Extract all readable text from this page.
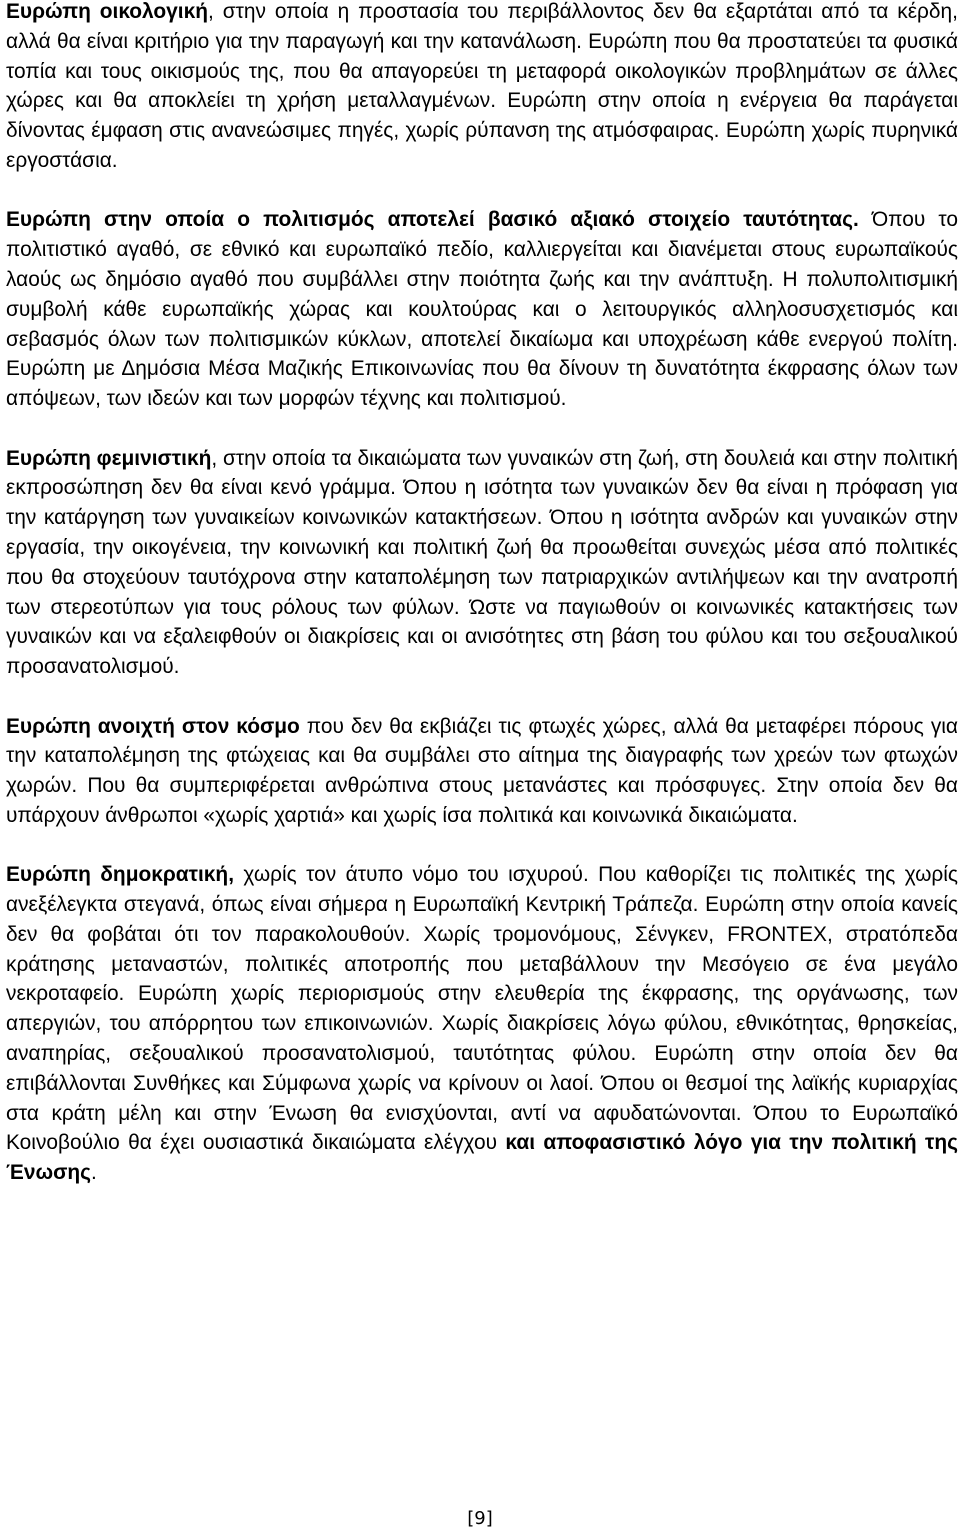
Ευρώπη οικολογική, στην οποία η προστασία του περιβάλλοντος δεν θα εξαρτάται από τα κέρδη, αλλά θα είναι κριτήριο για την παραγωγή και την κατανάλωση. Ευρώπη που θα προστατεύει τα φυσικά τοπία και τους οικισμούς της, που θα απαγορεύει τη μεταφορά οικολογικών προβλημάτων σε άλλες χώρες και θα αποκλείει τη χρήση μεταλλαγμένων. Ευρώπη στην οποία η ενέργεια θα παράγεται δίνοντας έμφαση στις ανανεώσιμες πηγές, χωρίς ρύπανση της ατμόσφαιρας. Ευρώπη χωρίς πυρηνικά εργοστάσια.

Ευρώπη στην οποία ο πολιτισμός αποτελεί βασικό αξιακό στοιχείο ταυτότητας. Όπου το πολιτιστικό αγαθό, σε εθνικό και ευρωπαϊκό πεδίο, καλλιεργείται και διανέμεται στους ευρωπαϊκούς λαούς ως δημόσιο αγαθό που συμβάλλει στην ποιότητα ζωής και την ανάπτυξη. Η πολυπολιτισμική συμβολή κάθε ευρωπαϊκής χώρας και κουλτούρας και ο λειτουργικός αλληλοσυσχετισμός και σεβασμός όλων των πολιτισμικών κύκλων, αποτελεί δικαίωμα και υποχρέωση κάθε ενεργού πολίτη. Ευρώπη με Δημόσια Μέσα Μαζικής Επικοινωνίας που θα δίνουν τη δυνατότητα έκφρασης όλων των απόψεων, των ιδεών και των μορφών τέχνης και πολιτισμού.

Ευρώπη φεμινιστική, στην οποία τα δικαιώματα των γυναικών στη ζωή, στη δουλειά και στην πολιτική εκπροσώπηση δεν θα είναι κενό γράμμα. Όπου η ισότητα των γυναικών δεν θα είναι η πρόφαση για την κατάργηση των γυναικείων κοινωνικών κατακτήσεων. Όπου η ισότητα ανδρών και γυναικών στην εργασία, την οικογένεια, την κοινωνική και πολιτική ζωή θα προωθείται συνεχώς μέσα από πολιτικές που θα στοχεύουν ταυτόχρονα στην καταπολέμηση των πατριαρχικών αντιλήψεων και την ανατροπή των στερεοτύπων για τους ρόλους των φύλων. Ώστε να παγιωθούν οι κοινωνικές κατακτήσεις των γυναικών και να εξαλειφθούν οι διακρίσεις και οι ανισότητες στη βάση του φύλου και του σεξουαλικού προσανατολισμού.

Ευρώπη ανοιχτή στον κόσμο που δεν θα εκβιάζει τις φτωχές χώρες, αλλά θα μεταφέρει πόρους για την καταπολέμηση της φτώχειας και θα συμβάλει στο αίτημα της διαγραφής των χρεών των φτωχών χωρών. Που θα συμπεριφέρεται ανθρώπινα στους μετανάστες και πρόσφυγες. Στην οποία δεν θα υπάρχουν άνθρωποι «χωρίς χαρτιά» και χωρίς ίσα πολιτικά και κοινωνικά δικαιώματα.

Ευρώπη δημοκρατική, χωρίς τον άτυπο νόμο του ισχυρού. Που καθορίζει τις πολιτικές της χωρίς ανεξέλεγκτα στεγανά, όπως είναι σήμερα η Ευρωπαϊκή Κεντρική Τράπεζα. Ευρώπη στην οποία κανείς δεν θα φοβάται ότι τον παρακολουθούν. Χωρίς τρομονόμους, Σένγκεν, FRONTEX, στρατόπεδα κράτησης μεταναστών, πολιτικές αποτροπής που μεταβάλλουν την Μεσόγειο σε ένα μεγάλο νεκροταφείο. Ευρώπη χωρίς περιορισμούς στην ελευθερία της έκφρασης, της οργάνωσης, των απεργιών, του απόρρητου των επικοινωνιών. Χωρίς διακρίσεις λόγω φύλου, εθνικότητας, θρησκείας, αναπηρίας, σεξουαλικού προσανατολισμού, ταυτότητας φύλου. Ευρώπη στην οποία δεν θα επιβάλλονται Συνθήκες και Σύμφωνα χωρίς να κρίνουν οι λαοί. Όπου οι θεσμοί της λαϊκής κυριαρχίας στα κράτη μέλη και στην Ένωση θα ενισχύονται, αντί να αφυδατώνονται. Όπου το Ευρωπαϊκό Κοινοβούλιο θα έχει ουσιαστικά δικαιώματα ελέγχου και αποφασιστικό λόγο για την πολιτική της Ένωσης.

[9]
